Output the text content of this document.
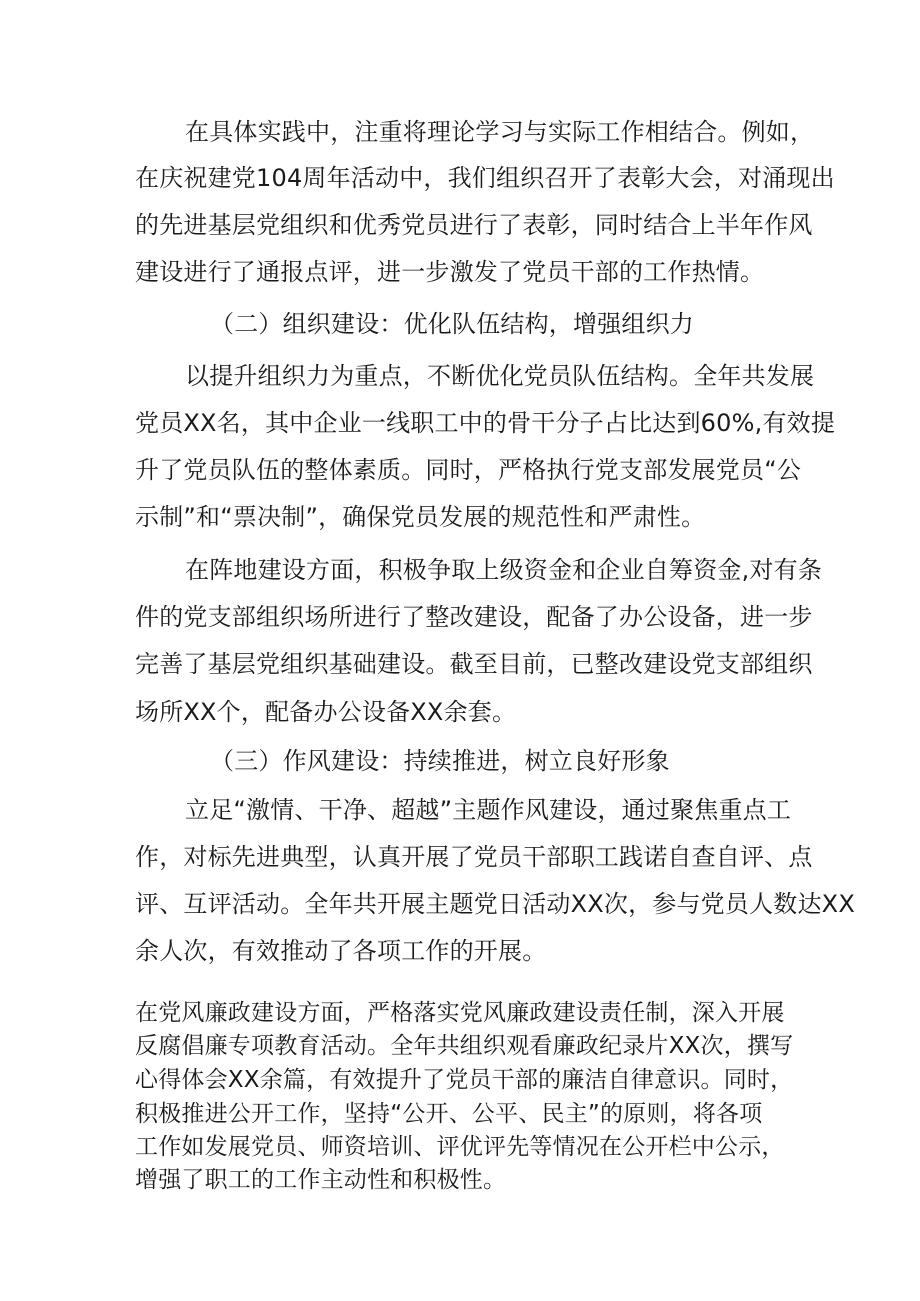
在具体实践中，注重将理论学习与实际工作相结合。例如，
在庆祝建党104周年活动中，我们组织召开了表彰大会，对涌现出
的先进基层党组织和优秀党员进行了表彰，同时结合上半年作风
建设进行了通报点评，进一步激发了党员干部的工作热情。
（二）组织建设：优化队伍结构，增强组织力
以提升组织力为重点，不断优化党员队伍结构。全年共发展
党员XX名，其中企业一线职工中的骨干分子占比达到60%,有效提
升了党员队伍的整体素质。同时，严格执行党支部发展党员“公
示制”和“票决制”，确保党员发展的规范性和严肃性。
在阵地建设方面，积极争取上级资金和企业自筹资金,对有条
件的党支部组织场所进行了整改建设，配备了办公设备，进一步
完善了基层党组织基础建设。截至目前，已整改建设党支部组织
场所XX个，配备办公设备XX余套。
（三）作风建设：持续推进，树立良好形象
立足“激情、干净、超越”主题作风建设，通过聚焦重点工
作，对标先进典型，认真开展了党员干部职工践诺自查自评、点
评、互评活动。全年共开展主题党日活动XX次，参与党员人数达XX
余人次，有效推动了各项工作的开展。
在党风廉政建设方面，严格落实党风廉政建设责任制，深入开展
反腐倡廉专项教育活动。全年共组织观看廉政纪录片XX次，撰写
心得体会XX余篇，有效提升了党员干部的廉洁自律意识。同时，
积极推进公开工作，坚持“公开、公平、民主”的原则，将各项
工作如发展党员、师资培训、评优评先等情况在公开栏中公示，
增强了职工的工作主动性和积极性。
